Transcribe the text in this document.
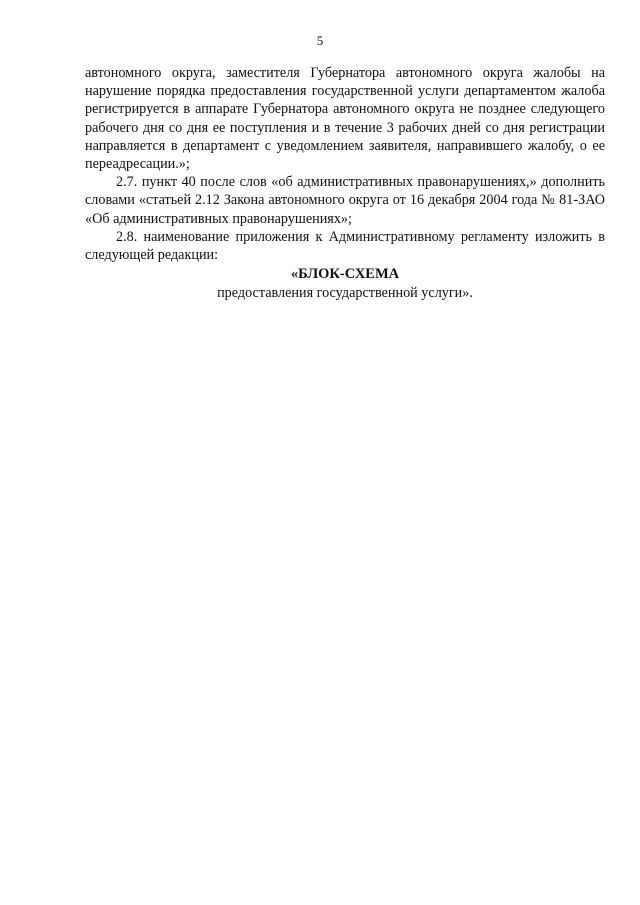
5

автономного округа, заместителя Губернатора автономного округа жалобы на нарушение порядка предоставления государственной услуги департаментом жалоба регистрируется в аппарате Губернатора автономного округа не позднее следующего рабочего дня со дня ее поступления и в течение 3 рабочих дней со дня регистрации направляется в департамент с уведомлением заявителя, направившего жалобу, о ее переадресации.»;

2.7. пункт 40 после слов «об административных правонарушениях,» дополнить словами «статьей 2.12 Закона автономного округа от 16 декабря 2004 года № 81-ЗАО «Об административных правонарушениях»;

2.8. наименование приложения к Административному регламенту изложить в следующей редакции:

«БЛОК-СХЕМА

предоставления государственной услуги».
